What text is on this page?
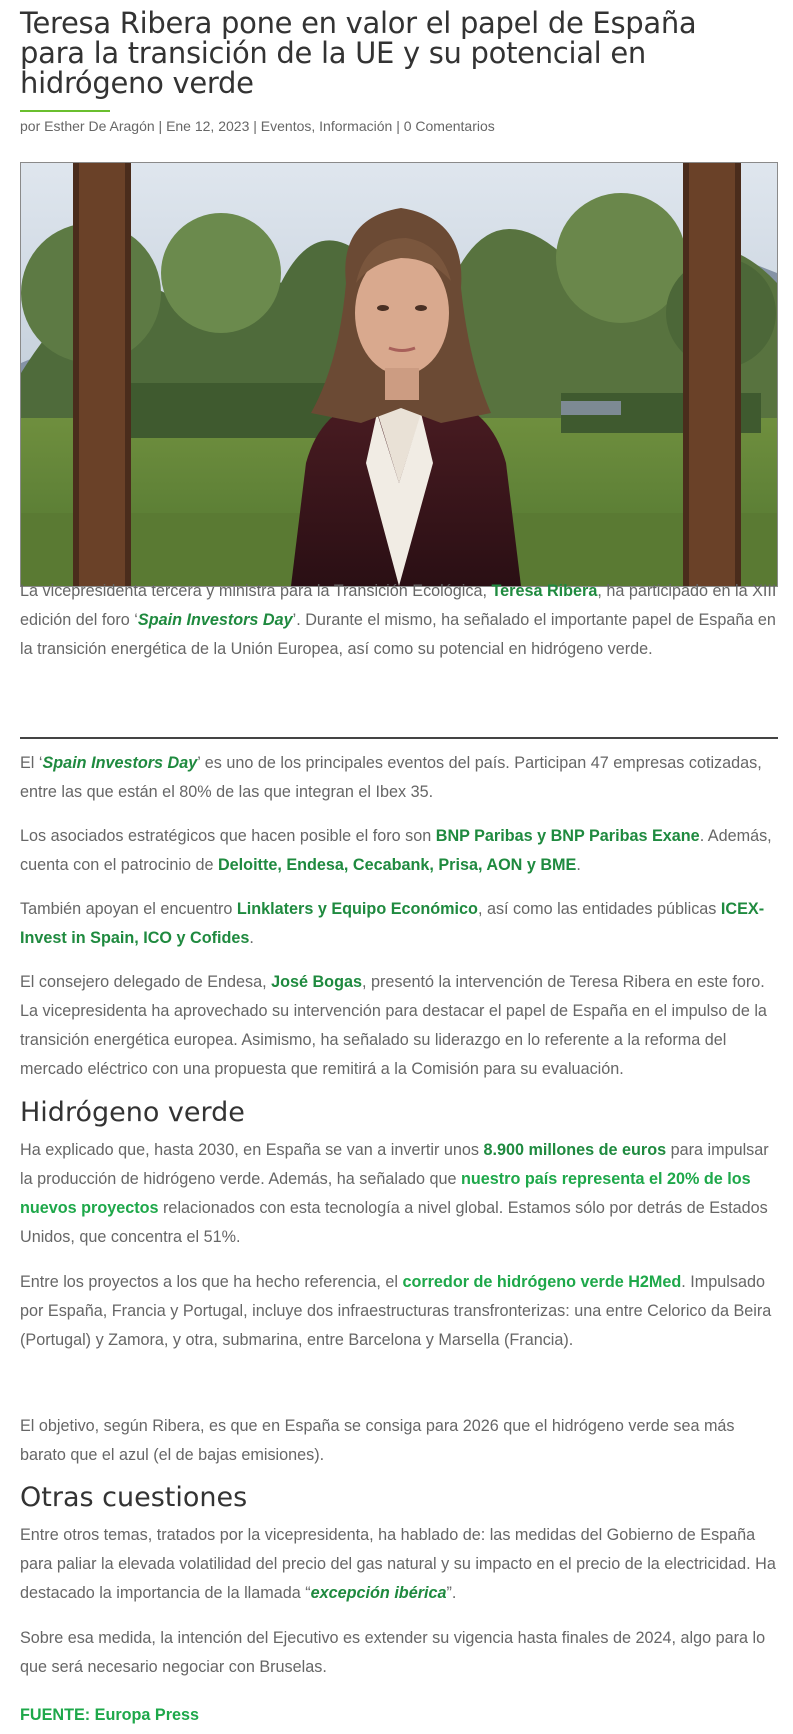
Teresa Ribera pone en valor el papel de España para la transición de la UE y su potencial en hidrógeno verde
por Esther De Aragón | Ene 12, 2023 | Eventos, Información | 0 Comentarios

La vicepresidenta tercera y ministra para la Transición Ecológica, Teresa Ribera, ha participado en la XIII edición del foro ‘Spain Investors Day’. Durante el mismo, ha señalado el importante papel de España en la transición energética de la Unión Europea, así como su potencial en hidrógeno verde.

El ‘Spain Investors Day’ es uno de los principales eventos del país. Participan 47 empresas cotizadas, entre las que están el 80% de las que integran el Ibex 35.

Los asociados estratégicos que hacen posible el foro son BNP Paribas y BNP Paribas Exane. Además, cuenta con el patrocinio de Deloitte, Endesa, Cecabank, Prisa, AON y BME.

También apoyan el encuentro Linklaters y Equipo Económico, así como las entidades públicas ICEX-Invest in Spain, ICO y Cofides.

El consejero delegado de Endesa, José Bogas, presentó la intervención de Teresa Ribera en este foro. La vicepresidenta ha aprovechado su intervención para destacar el papel de España en el impulso de la transición energética europea. Asimismo, ha señalado su liderazgo en lo referente a la reforma del mercado eléctrico con una propuesta que remitirá a la Comisión para su evaluación.

Hidrógeno verde

Ha explicado que, hasta 2030, en España se van a invertir unos 8.900 millones de euros para impulsar la producción de hidrógeno verde. Además, ha señalado que nuestro país representa el 20% de los nuevos proyectos relacionados con esta tecnología a nivel global. Estamos sólo por detrás de Estados Unidos, que concentra el 51%.

Entre los proyectos a los que ha hecho referencia, el corredor de hidrógeno verde H2Med. Impulsado por España, Francia y Portugal, incluye dos infraestructuras transfronterizas: una entre Celorico da Beira (Portugal) y Zamora, y otra, submarina, entre Barcelona y Marsella (Francia).

El objetivo, según Ribera, es que en España se consiga para 2026 que el hidrógeno verde sea más barato que el azul (el de bajas emisiones).

Otras cuestiones

Entre otros temas, tratados por la vicepresidenta, ha hablado de: las medidas del Gobierno de España para paliar la elevada volatilidad del precio del gas natural y su impacto en el precio de la electricidad. Ha destacado la importancia de la llamada “excepción ibérica”.

Sobre esa medida, la intención del Ejecutivo es extender su vigencia hasta finales de 2024, algo para lo que será necesario negociar con Bruselas.

FUENTE: Europa Press
